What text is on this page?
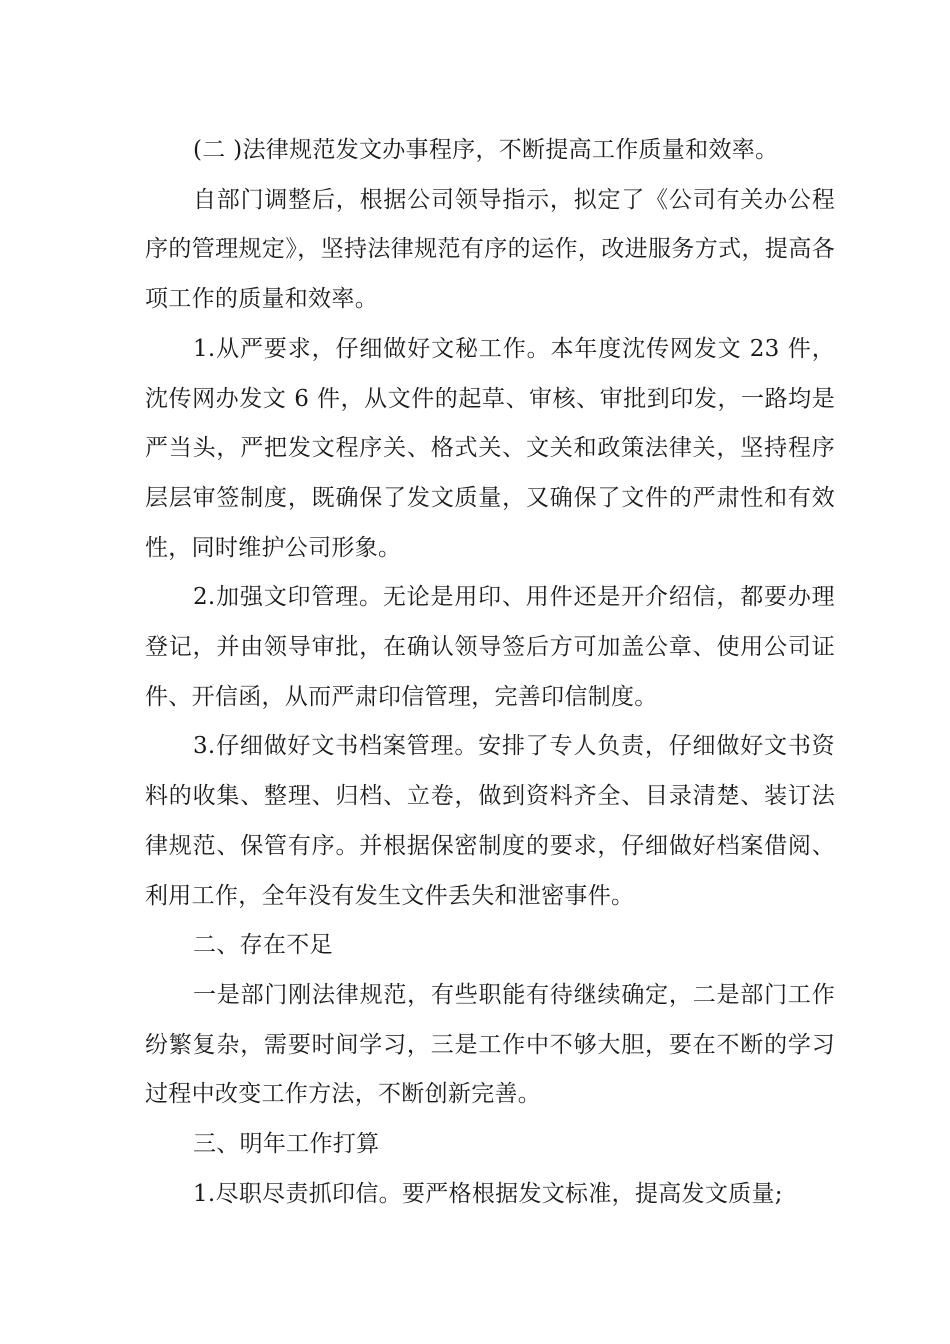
(二 )法律规范发文办事程序，不断提高工作质量和效率。

自部门调整后，根据公司领导指示，拟定了《公司有关办公程序的管理规定》，坚持法律规范有序的运作，改进服务方式，提高各项工作的质量和效率。

1.从严要求，仔细做好文秘工作。本年度沈传网发文 23 件，沈传网办发文 6 件，从文件的起草、审核、审批到印发，一路均是严当头，严把发文程序关、格式关、文关和政策法律关，坚持程序层层审签制度，既确保了发文质量，又确保了文件的严肃性和有效性，同时维护公司形象。

2.加强文印管理。无论是用印、用件还是开介绍信，都要办理登记，并由领导审批，在确认领导签后方可加盖公章、使用公司证件、开信函，从而严肃印信管理，完善印信制度。

3.仔细做好文书档案管理。安排了专人负责，仔细做好文书资料的收集、整理、归档、立卷，做到资料齐全、目录清楚、装订法律规范、保管有序。并根据保密制度的要求，仔细做好档案借阅、利用工作，全年没有发生文件丢失和泄密事件。

二、存在不足

一是部门刚法律规范，有些职能有待继续确定，二是部门工作纷繁复杂，需要时间学习，三是工作中不够大胆，要在不断的学习过程中改变工作方法，不断创新完善。

三、明年工作打算

1.尽职尽责抓印信。要严格根据发文标准，提高发文质量;
